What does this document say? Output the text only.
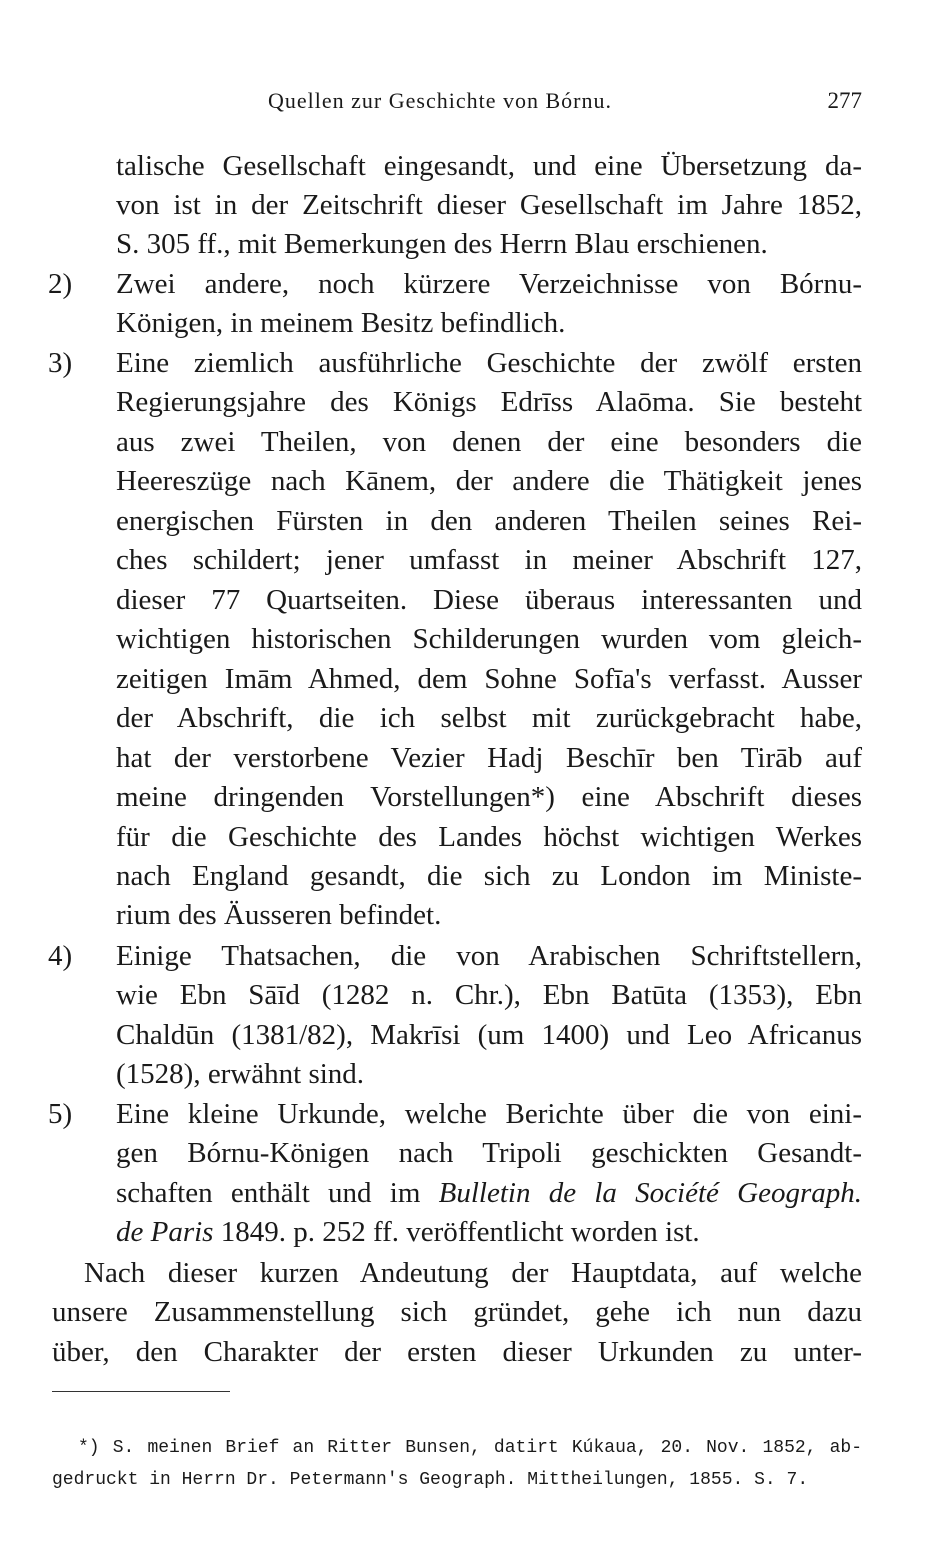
Quellen zur Geschichte von Bórnu.	277
talische Gesellschaft eingesandt, und eine Übersetzung da-
von ist in der Zeitschrift dieser Gesellschaft im Jahre 1852,
S. 305 ff., mit Bemerkungen des Herrn Blau erschienen.
2)	Zwei andere, noch kürzere Verzeichnisse von Bórnu-
Königen, in meinem Besitz befindlich.
3)	Eine ziemlich ausführliche Geschichte der zwölf ersten
Regierungsjahre des Königs Edrīss Alaōma. Sie besteht
aus zwei Theilen, von denen der eine besonders die
Heereszüge nach Kānem, der andere die Thätigkeit jenes
energischen Fürsten in den anderen Theilen seines Rei-
ches schildert; jener umfasst in meiner Abschrift 127,
dieser 77 Quartseiten. Diese überaus interessanten und
wichtigen historischen Schilderungen wurden vom gleich-
zeitigen Imām Ahmed, dem Sohne Sofīa's verfasst. Ausser
der Abschrift, die ich selbst mit zurückgebracht habe,
hat der verstorbene Vezier Hadj Beschīr ben Tirāb auf
meine dringenden Vorstellungen*) eine Abschrift dieses
für die Geschichte des Landes höchst wichtigen Werkes
nach England gesandt, die sich zu London im Ministe-
rium des Äusseren befindet.
4)	Einige Thatsachen, die von Arabischen Schriftstellern,
wie Ebn Sāīd (1282 n. Chr.), Ebn Batūta (1353), Ebn
Chaldūn (1381/82), Makrīsi (um 1400) und Leo Africanus
(1528), erwähnt sind.
5)	Eine kleine Urkunde, welche Berichte über die von eini-
gen Bórnu-Königen nach Tripoli geschickten Gesandt-
schaften enthält und im Bulletin de la Société Geograph.
de Paris 1849. p. 252 ff. veröffentlicht worden ist.
Nach dieser kurzen Andeutung der Hauptdata, auf welche
unsere Zusammenstellung sich gründet, gehe ich nun dazu
über, den Charakter der ersten dieser Urkunden zu unter-
*) S. meinen Brief an Ritter Bunsen, datirt Kúkaua, 20. Nov. 1852, ab-
gedruckt in Herrn Dr. Petermann's Geograph. Mittheilungen, 1855. S. 7.
